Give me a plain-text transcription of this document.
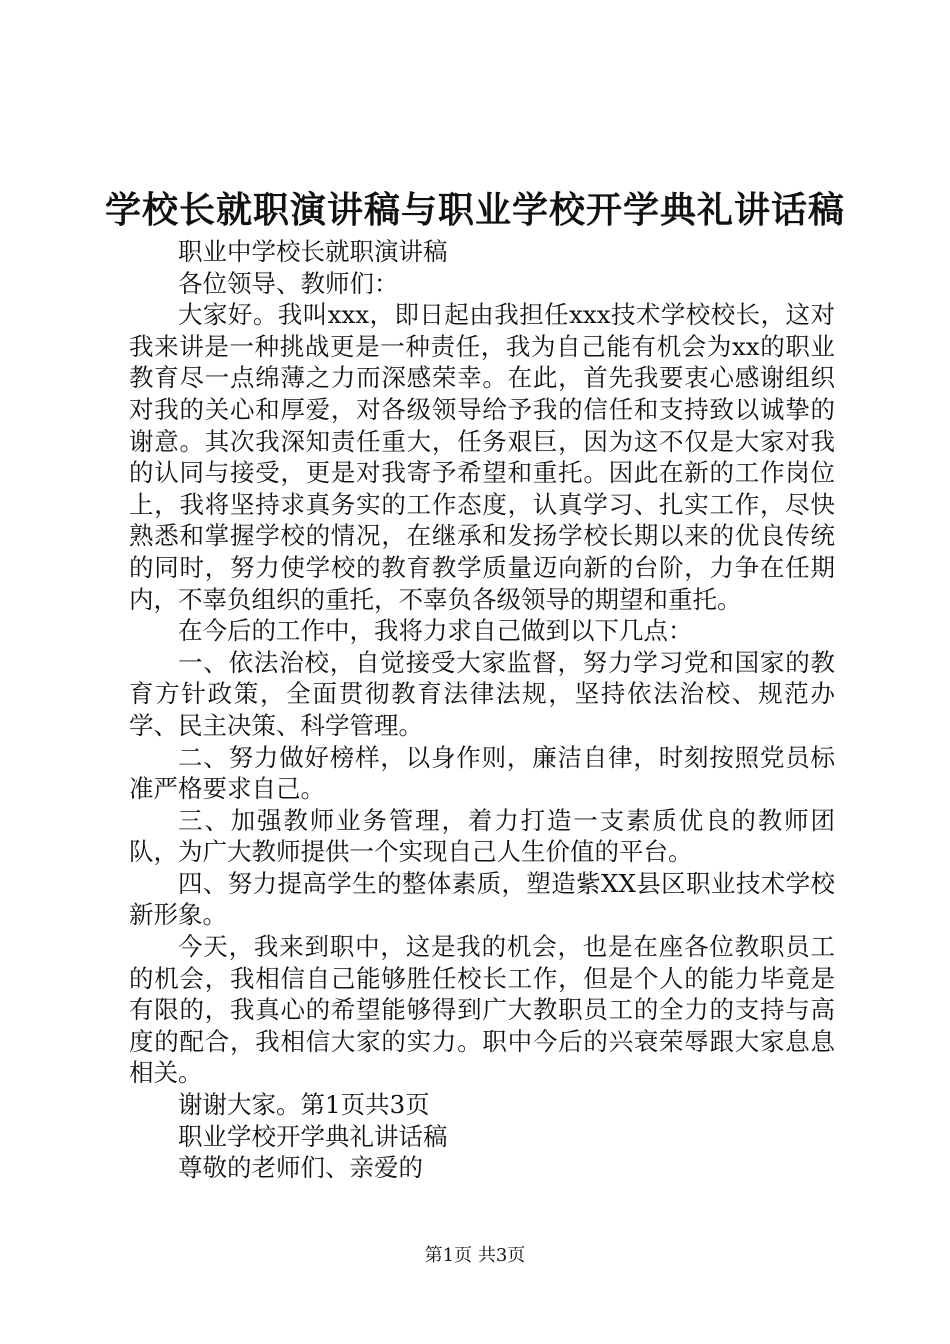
学校长就职演讲稿与职业学校开学典礼讲话稿

职业中学校长就职演讲稿

各位领导、教师们：

大家好。我叫xxx，即日起由我担任xxx技术学校校长，这对我来讲是一种挑战更是一种责任，我为自己能有机会为xx的职业教育尽一点绵薄之力而深感荣幸。在此，首先我要衷心感谢组织对我的关心和厚爱，对各级领导给予我的信任和支持致以诚挚的谢意。其次我深知责任重大，任务艰巨，因为这不仅是大家对我的认同与接受，更是对我寄予希望和重托。因此在新的工作岗位上，我将坚持求真务实的工作态度，认真学习、扎实工作，尽快熟悉和掌握学校的情况，在继承和发扬学校长期以来的优良传统的同时，努力使学校的教育教学质量迈向新的台阶，力争在任期内，不辜负组织的重托，不辜负各级领导的期望和重托。

在今后的工作中，我将力求自己做到以下几点：

一、依法治校，自觉接受大家监督，努力学习党和国家的教育方针政策，全面贯彻教育法律法规，坚持依法治校、规范办学、民主决策、科学管理。

二、努力做好榜样，以身作则，廉洁自律，时刻按照党员标准严格要求自己。

三、加强教师业务管理，着力打造一支素质优良的教师团队，为广大教师提供一个实现自己人生价值的平台。

四、努力提高学生的整体素质，塑造紫XX县区职业技术学校新形象。

今天，我来到职中，这是我的机会，也是在座各位教职员工的机会，我相信自己能够胜任校长工作，但是个人的能力毕竟是有限的，我真心的希望能够得到广大教职员工的全力的支持与高度的配合，我相信大家的实力。职中今后的兴衰荣辱跟大家息息相关。

谢谢大家。第1页共3页

职业学校开学典礼讲话稿

尊敬的老师们、亲爱的

第1页 共3页
